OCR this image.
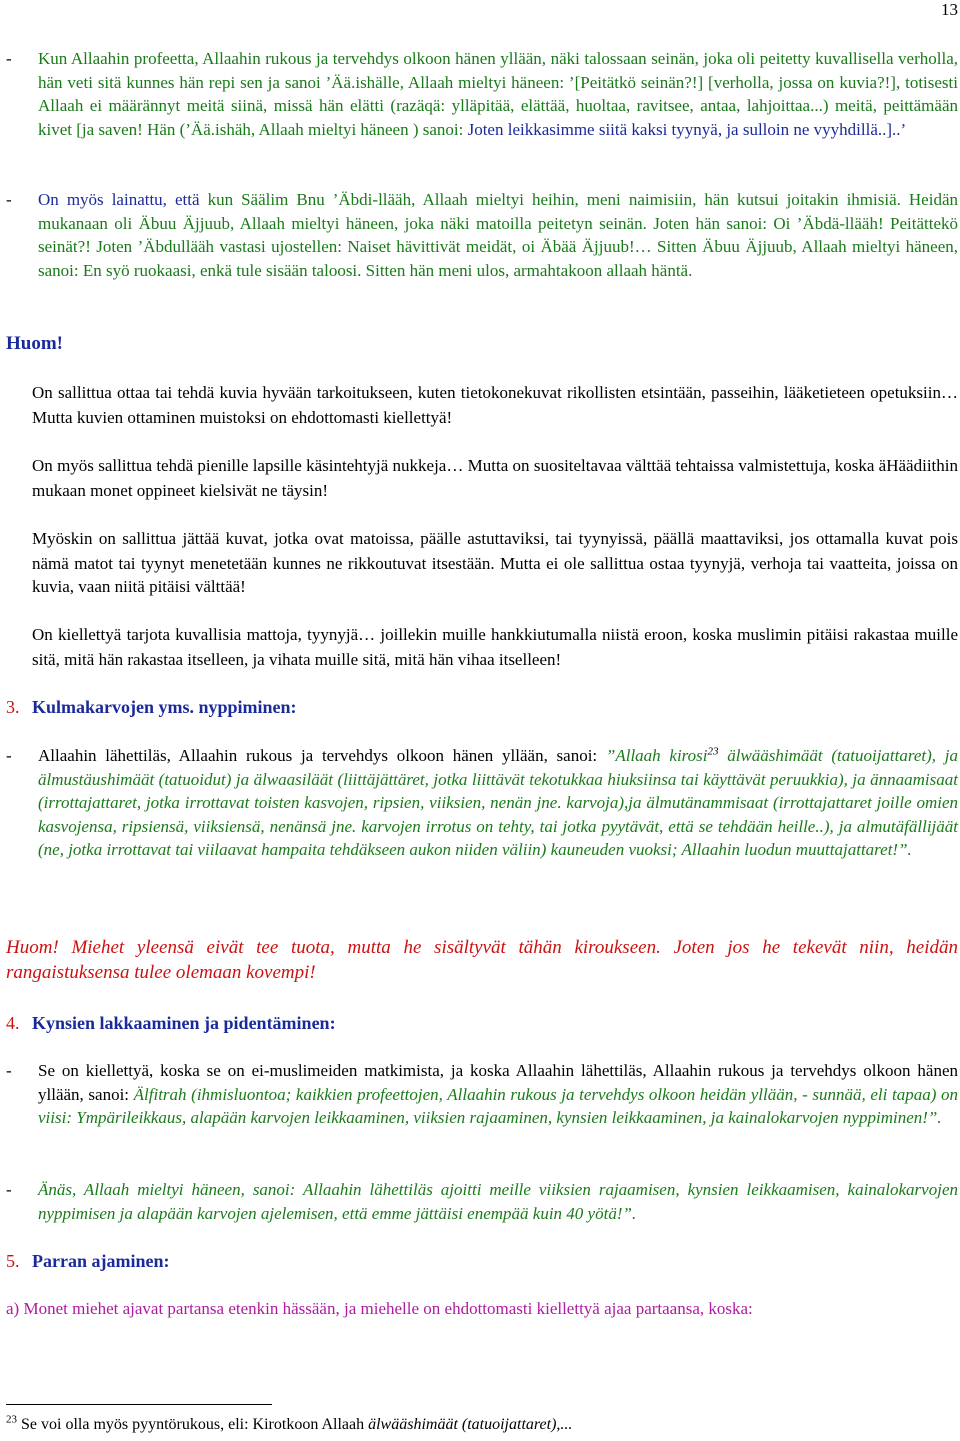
13
- Kun Allaahin profeetta, Allaahin rukous ja tervehdys olkoon hänen yllään, näki talossaan seinän, joka oli peitetty kuvallisella verholla, hän veti sitä kunnes hän repi sen ja sanoi ’Ää.ishälle, Allaah mieltyi häneen: ’[Peitätkö seinän?!] [verholla, jossa on kuvia?!], totisesti Allaah ei määrännyt meitä siinä, missä hän elätti (razäqä: ylläpitää, elättää, huoltaa, ravitsee, antaa, lahjoittaa...) meitä, peittämään kivet [ja saven! Hän (’Ää.ishäh, Allaah mieltyi häneen ) sanoi: Joten leikkasimme siitä kaksi tyynyä, ja sulloin ne vyyhdillä..]..’
- On myös lainattu, että kun Säälim Bnu ’Äbdi-llääh, Allaah mieltyi heihin, meni naimisiin, hän kutsui joitakin ihmisiä. Heidän mukanaan oli Äbuu Äjjuub, Allaah mieltyi häneen, joka näki matoilla peitetyn seinän. Joten hän sanoi: Oi ’Äbdä-llääh! Peitättekö seinät?! Joten ’Äbdullääh vastasi ujostellen: Naiset hävittivät meidät, oi Äbää Äjjuub!… Sitten Äbuu Äjjuub, Allaah mieltyi häneen, sanoi: En syö ruokaasi, enkä tule sisään taloosi. Sitten hän meni ulos, armahtakoon allaah häntä.
Huom!
On sallittua ottaa tai tehdä kuvia hyvään tarkoitukseen, kuten tietokonekuvat rikollisten etsintään, passeihin, lääketieteen opetuksiin… Mutta kuvien ottaminen muistoksi on ehdottomasti kiellettyä!
On myös sallittua tehdä pienille lapsille käsintehtyjä nukkeja… Mutta on suositeltavaa välttää tehtaissa valmistettuja, koska äHäädiithin mukaan monet oppineet kielsivät ne täysin!
Myöskin on sallittua jättää kuvat, jotka ovat matoissa, päälle astuttaviksi, tai tyynyissä, päällä maattaviksi, jos ottamalla kuvat pois nämä matot tai tyynyt menetetään kunnes ne rikkoutuvat itsestään. Mutta ei ole sallittua ostaa tyynyjä, verhoja tai vaatteita, joissa on kuvia, vaan niitä pitäisi välttää!
On kiellettyä tarjota kuvallisia mattoja, tyynyjä… joillekin muille hankkiutumalla niistä eroon, koska muslimin pitäisi rakastaa muille sitä, mitä hän rakastaa itselleen, ja vihata muille sitä, mitä hän vihaa itselleen!
3. Kulmakarvojen yms. nyppiminen:
- Allaahin lähettiläs, Allaahin rukous ja tervehdys olkoon hänen yllään, sanoi: ”Allaah kirosi$^{23}$ älwääshimäät (tatuoijattaret), ja älmustäushimäät (tatuoidut) ja älwaasiläät (liittäjättäret, jotka liittävät tekotukkaa hiuksiinsa tai käyttävät peruukkia), ja ännaamisaat (irrottajattaret, jotka irrottavat toisten kasvojen, ripsien, viiksien, nenän jne. karvoja),ja älmutänammisaat (irrottajattaret joille omien kasvojensa, ripsiensä, viiksiensä, nenänsä jne. karvojen irrotus on tehty, tai jotka pyytävät, että se tehdään heille..), ja almutäfällijäät (ne, jotka irrottavat tai viilaavat hampaita tehdäkseen aukon niiden väliin) kauneuden vuoksi; Allaahin luodun muuttajattaret!”.
Huom! Miehet yleensä eivät tee tuota, mutta he sisältyvät tähän kiroukseen. Joten jos he tekevät niin, heidän rangaistuksensa tulee olemaan kovempi!
4. Kynsien lakkaaminen ja pidentäminen:
- Se on kiellettyä, koska se on ei-muslimeiden matkimista, ja koska Allaahin lähettiläs, Allaahin rukous ja tervehdys olkoon hänen yllään, sanoi: Älfitrah (ihmisluontoa; kaikkien profeettojen, Allaahin rukous ja tervehdys olkoon heidän yllään, - sunnää, eli tapaa) on viisi: Ympärileikkaus, alapään karvojen leikkaaminen, viiksien rajaaminen, kynsien leikkaaminen, ja kainalokarvojen nyppiminen!”.
- Änäs, Allaah mieltyi häneen, sanoi: Allaahin lähettiläs ajoitti meille viiksien rajaamisen, kynsien leikkaamisen, kainalokarvojen nyppimisen ja alapään karvojen ajelemisen, että emme jättäisi enempää kuin 40 yötä!”.
5. Parran ajaminen:
a) Monet miehet ajavat partansa etenkin hässään, ja miehelle on ehdottomasti kiellettyä ajaa partaansa, koska:
$^{23}$ Se voi olla myös pyyntörukous, eli: Kirotkoon Allaah älwääshimäät (tatuoijattaret),...
